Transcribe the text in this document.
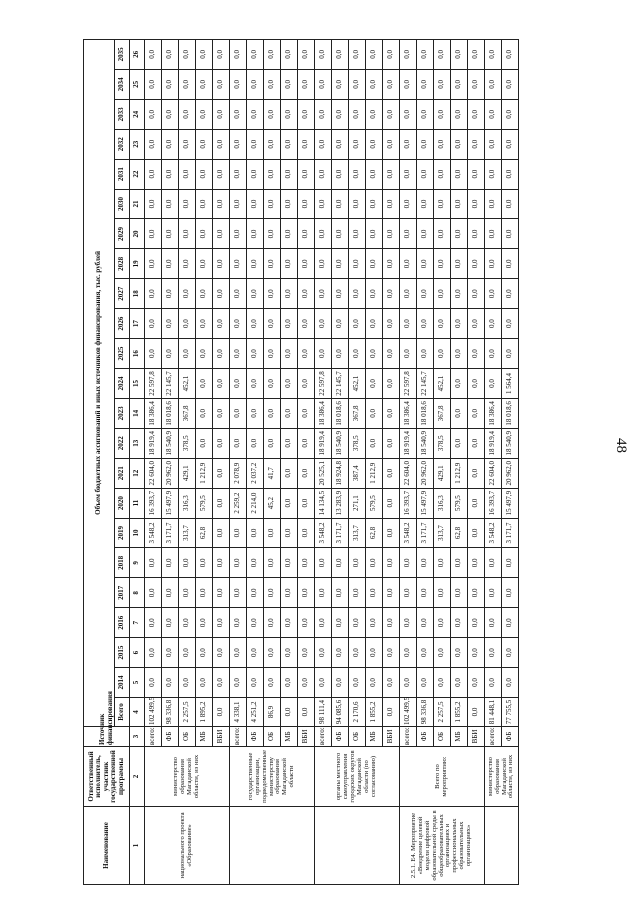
48
Наименование	Ответственный исполнитель, участник государственной программы	Источник финансирования	Объем бюджетных ассигнований и иных источников финансирования, тыс. рублей																						
			Всего	2014	2015	2016	2017	2018	2019	2020	2021	2022	2023	2024	2025	2026	2027	2028	2029	2030	2031	2032	2033	2034	2035
1	2	3	4	5	6	7	8	9	10	11	12	13	14	15	16	17	18	19	20	21	22	23	24	25	26
национального проекта «Образование»	министерство образования Магаданской области, из них	всего:	102 499,5	0,0	0,0	0,0	0,0	0,0	3 548,2	16 393,7	22 604,0	18 919,4	18 386,4	22 597,8	0,0	0,0	0,0	0,0	0,0	0,0	0,0	0,0	0,0	0,0	0,0
		ФБ	98 336,8	0,0	0,0	0,0	0,0	0,0	3 171,7	15 497,9	20 962,0	18 540,9	18 018,6	22 145,7	0,0	0,0	0,0	0,0	0,0	0,0	0,0	0,0	0,0	0,0	0,0
		ОБ	2 257,5	0,0	0,0	0,0	0,0	0,0	313,7	316,3	429,1	378,5	367,8	452,1	0,0	0,0	0,0	0,0	0,0	0,0	0,0	0,0	0,0	0,0	0,0
		МБ	1 895,2	0,0	0,0	0,0	0,0	0,0	62,8	579,5	1 212,9	0,0	0,0	0,0	0,0	0,0	0,0	0,0	0,0	0,0	0,0	0,0	0,0	0,0	0,0
		ВБИ	0,0	0,0	0,0	0,0	0,0	0,0	0,0	0,0	0,0	0,0	0,0	0,0	0,0	0,0	0,0	0,0	0,0	0,0	0,0	0,0	0,0	0,0	0,0
	государственные организации, подведомственные министерству образования Магаданской области	всего:	4 338,1	0,0	0,0	0,0	0,0	0,0	0,0	2 259,2	2 078,9	0,0	0,0	0,0	0,0	0,0	0,0	0,0	0,0	0,0	0,0	0,0	0,0	0,0	0,0
		ФБ	4 251,2	0,0	0,0	0,0	0,0	0,0	0,0	2 214,0	2 037,2	0,0	0,0	0,0	0,0	0,0	0,0	0,0	0,0	0,0	0,0	0,0	0,0	0,0	0,0
		ОБ	86,9	0,0	0,0	0,0	0,0	0,0	0,0	45,2	41,7	0,0	0,0	0,0	0,0	0,0	0,0	0,0	0,0	0,0	0,0	0,0	0,0	0,0	0,0
		МБ	0,0	0,0	0,0	0,0	0,0	0,0	0,0	0,0	0,0	0,0	0,0	0,0	0,0	0,0	0,0	0,0	0,0	0,0	0,0	0,0	0,0	0,0	0,0
		ВБИ	0,0	0,0	0,0	0,0	0,0	0,0	0,0	0,0	0,0	0,0	0,0	0,0	0,0	0,0	0,0	0,0	0,0	0,0	0,0	0,0	0,0	0,0	0,0
	органы местного самоуправления городских округов Магаданской области (по согласованию)	всего:	98 111,4	0,0	0,0	0,0	0,0	0,0	3 548,2	14 134,5	20 525,1	18 919,4	18 386,4	22 597,8	0,0	0,0	0,0	0,0	0,0	0,0	0,0	0,0	0,0	0,0	0,0
		ФБ	94 085,6	0,0	0,0	0,0	0,0	0,0	3 171,7	13 283,9	18 924,8	18 540,9	18 018,6	22 145,7	0,0	0,0	0,0	0,0	0,0	0,0	0,0	0,0	0,0	0,0	0,0
		ОБ	2 170,6	0,0	0,0	0,0	0,0	0,0	313,7	271,1	387,4	378,5	367,8	452,1	0,0	0,0	0,0	0,0	0,0	0,0	0,0	0,0	0,0	0,0	0,0
		МБ	1 855,2	0,0	0,0	0,0	0,0	0,0	62,8	579,5	1 212,9	0,0	0,0	0,0	0,0	0,0	0,0	0,0	0,0	0,0	0,0	0,0	0,0	0,0	0,0
		ВБИ	0,0	0,0	0,0	0,0	0,0	0,0	0,0	0,0	0,0	0,0	0,0	0,0	0,0	0,0	0,0	0,0	0,0	0,0	0,0	0,0	0,0	0,0	0,0
2.5.1. Е4. Мероприятие «Внедрение целевой модели цифровой образовательной среды в общеобразовательных организациях и профессиональных образовательных организациях»	Всего по мероприятию:	всего:	102 499,5	0,0	0,0	0,0	0,0	0,0	3 548,2	16 393,7	22 604,0	18 919,4	18 386,4	22 597,8	0,0	0,0	0,0	0,0	0,0	0,0	0,0	0,0	0,0	0,0	0,0
		ФБ	98 336,8	0,0	0,0	0,0	0,0	0,0	3 171,7	15 497,9	20 962,0	18 540,9	18 018,6	22 145,7	0,0	0,0	0,0	0,0	0,0	0,0	0,0	0,0	0,0	0,0	0,0
		ОБ	2 257,5	0,0	0,0	0,0	0,0	0,0	313,7	316,3	429,1	378,5	367,8	452,1	0,0	0,0	0,0	0,0	0,0	0,0	0,0	0,0	0,0	0,0	0,0
		МБ	1 855,2	0,0	0,0	0,0	0,0	0,0	62,8	579,5	1 212,9	0,0	0,0	0,0	0,0	0,0	0,0	0,0	0,0	0,0	0,0	0,0	0,0	0,0	0,0
		ВБИ	0,0	0,0	0,0	0,0	0,0	0,0	0,0	0,0	0,0	0,0	0,0	0,0	0,0	0,0	0,0	0,0	0,0	0,0	0,0	0,0	0,0	0,0	0,0
	министерство образования Магаданской области, из них	всего:	81 448,1	0,0	0,0	0,0	0,0	0,0	3 548,2	16 393,7	22 604,0	18 919,4	18 386,4	0,0	0,0	0,0	0,0	0,0	0,0	0,0	0,0	0,0	0,0	0,0	0,0
		ФБ	77 755,5	0,0	0,0	0,0	0,0	0,0	3 171,7	15 497,9	20 962,0	18 540,9	18 018,6	1 564,4	0,0	0,0	0,0	0,0	0,0	0,0	0,0	0,0	0,0	0,0	0,0
